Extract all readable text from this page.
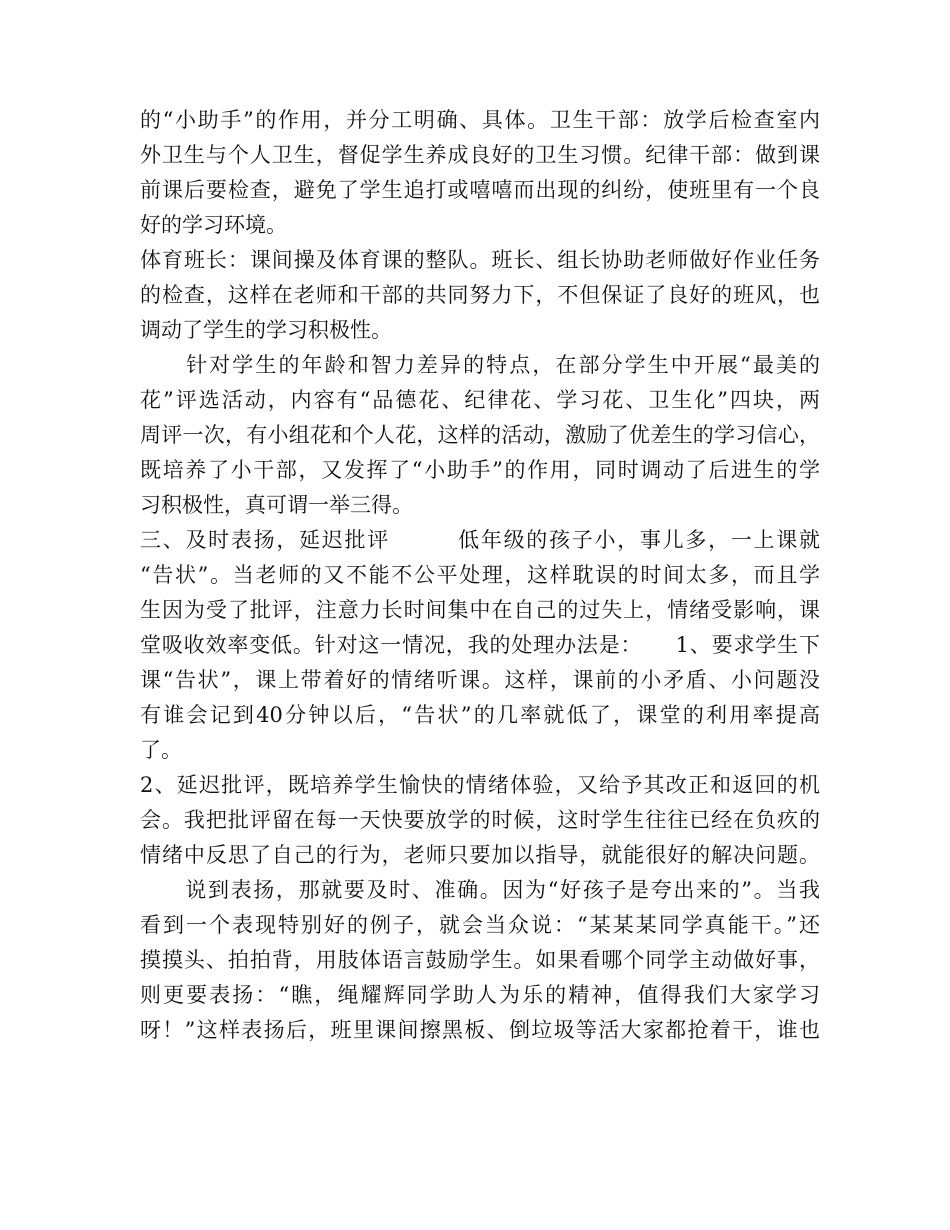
的“小助手”的作用，并分工明确、具体。卫生干部：放学后检查室内
外卫生与个人卫生，督促学生养成良好的卫生习惯。纪律干部：做到课
前课后要检查，避免了学生追打或嘻嘻而出现的纠纷，使班里有一个良
好的学习环境。
体育班长：课间操及体育课的整队。班长、组长协助老师做好作业任务
的检查，这样在老师和干部的共同努力下，不但保证了良好的班风，也
调动了学生的学习积极性。
　　针对学生的年龄和智力差异的特点，在部分学生中开展“最美的
花”评选活动，内容有“品德花、纪律花、学习花、卫生化”四块，两
周评一次，有小组花和个人花，这样的活动，激励了优差生的学习信心，
既培养了小干部，又发挥了“小助手”的作用，同时调动了后进生的学
习积极性，真可谓一举三得。
三、及时表扬，延迟批评　　　低年级的孩子小，事儿多，一上课就
“告状”。当老师的又不能不公平处理，这样耽误的时间太多，而且学
生因为受了批评，注意力长时间集中在自己的过失上，情绪受影响，课
堂吸收效率变低。针对这一情况，我的处理办法是：　　1、要求学生下
课“告状”，课上带着好的情绪听课。这样，课前的小矛盾、小问题没
有谁会记到40分钟以后，“告状”的几率就低了，课堂的利用率提高
了。
2、延迟批评，既培养学生愉快的情绪体验，又给予其改正和返回的机
会。我把批评留在每一天快要放学的时候，这时学生往往已经在负疚的
情绪中反思了自己的行为，老师只要加以指导，就能很好的解决问题。
　　说到表扬，那就要及时、准确。因为“好孩子是夸出来的”。当我
看到一个表现特别好的例子，就会当众说：“某某某同学真能干。”还
摸摸头、拍拍背，用肢体语言鼓励学生。如果看哪个同学主动做好事，
则更要表扬：“瞧，绳耀辉同学助人为乐的精神，值得我们大家学习
呀！”这样表扬后，班里课间擦黑板、倒垃圾等活大家都抢着干，谁也
